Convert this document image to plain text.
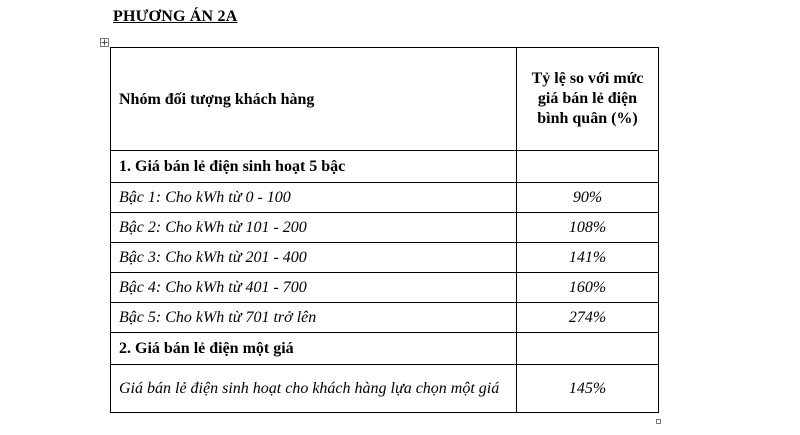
PHƯƠNG ÁN 2A
Nhóm đối tượng khách hàng	Tỷ lệ so với mức giá bán lẻ điện bình quân (%)
1. Giá bán lẻ điện sinh hoạt 5 bậc	
Bậc 1: Cho kWh từ 0 - 100	90%
Bậc 2: Cho kWh từ 101 - 200	108%
Bậc 3: Cho kWh từ 201 - 400	141%
Bậc 4: Cho kWh từ 401 - 700	160%
Bậc 5: Cho kWh từ 701 trở lên	274%
2. Giá bán lẻ điện một giá	
Giá bán lẻ điện sinh hoạt cho khách hàng lựa chọn một giá	145%
